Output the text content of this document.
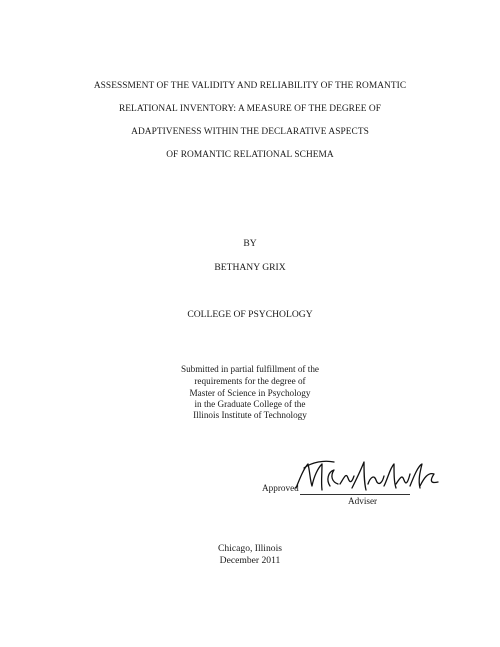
ASSESSMENT OF THE VALIDITY AND RELIABILITY OF THE ROMANTIC
RELATIONAL INVENTORY: A MEASURE OF THE DEGREE OF
ADAPTIVENESS WITHIN THE DECLARATIVE ASPECTS
OF ROMANTIC RELATIONAL SCHEMA
BY
BETHANY GRIX
COLLEGE OF PSYCHOLOGY
Submitted in partial fulfillment of the
requirements for the degree of
Master of Science in Psychology
in the Graduate College of the
Illinois Institute of Technology
Approved
Adviser
Chicago, Illinois
December 2011
